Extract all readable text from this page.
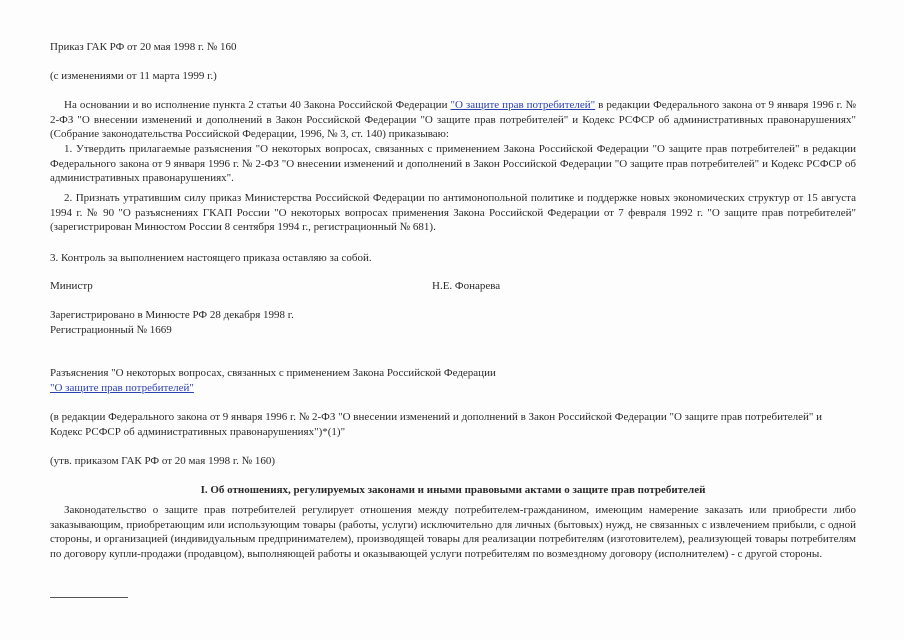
Приказ ГАК РФ от 20 мая 1998 г. № 160
(с изменениями от 11 марта 1999 г.)
На основании и во исполнение пункта 2 статьи 40 Закона Российской Федерации "О защите прав потребителей" в редакции Федерального закона от 9 января 1996 г. № 2-ФЗ "О внесении изменений и дополнений в Закон Российской Федерации "О защите прав потребителей" и Кодекс РСФСР об административных правонарушениях" (Собрание законодательства Российской Федерации, 1996, № 3, ст. 140) приказываю:
1. Утвердить прилагаемые разъяснения "О некоторых вопросах, связанных с применением Закона Российской Федерации "О защите прав потребителей" в редакции Федерального закона от 9 января 1996 г. № 2-ФЗ "О внесении изменений и дополнений в Закон Российской Федерации "О защите прав потребителей" и Кодекс РСФСР об административных правонарушениях".
2. Признать утратившим силу приказ Министерства Российской Федерации по антимонопольной политике и поддержке новых экономических структур от 15 августа 1994 г. № 90 "О разъяснениях ГКАП России "О некоторых вопросах применения Закона Российской Федерации от 7 февраля 1992 г. "О защите прав потребителей" (зарегистрирован Минюстом России 8 сентября 1994 г., регистрационный № 681).
3. Контроль за выполнением настоящего приказа оставляю за собой.
Министр	Н.Е. Фонарева
Зарегистрировано в Минюсте РФ 28 декабря 1998 г.
Регистрационный № 1669
Разъяснения "О некоторых вопросах, связанных с применением Закона Российской Федерации
"О защите прав потребителей"
(в редакции Федерального закона от 9 января 1996 г. № 2-ФЗ "О внесении изменений и дополнений в Закон Российской Федерации "О защите прав потребителей" и Кодекс РСФСР об административных правонарушениях")*(1)"
(утв. приказом ГАК РФ от 20 мая 1998 г. № 160)
I. Об отношениях, регулируемых законами и иными правовыми актами о защите прав потребителей
Законодательство о защите прав потребителей регулирует отношения между потребителем-гражданином, имеющим намерение заказать или приобрести либо заказывающим, приобретающим или использующим товары (работы, услуги) исключительно для личных (бытовых) нужд, не связанных с извлечением прибыли, с одной стороны, и организацией (индивидуальным предпринимателем), производящей товары для реализации потребителям (изготовителем), реализующей товары потребителям по договору купли-продажи (продавцом), выполняющей работы и оказывающей услуги потребителям по возмездному договору (исполнителем) - с другой стороны.
